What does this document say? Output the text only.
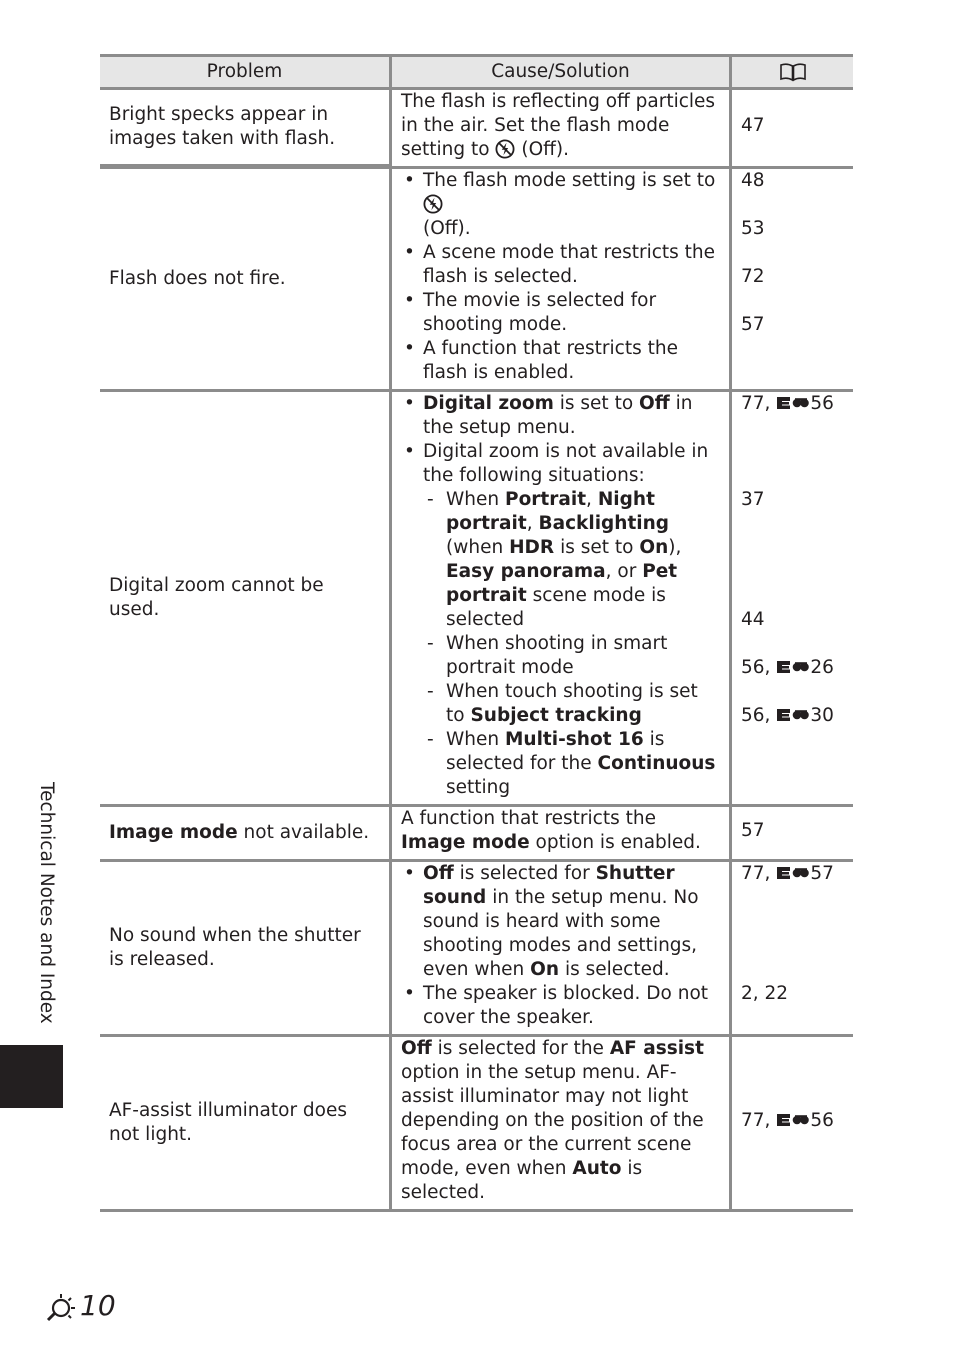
Problem	Cause/Solution
Bright specks appear in images taken with flash.
The flash is reflecting off particles in the air. Set the flash mode setting to (Off).
47
Flash does not fire.
• The flash mode setting is set to
(Off).
• A scene mode that restricts the flash is selected.
• The movie is selected for shooting mode.
• A function that restricts the flash is enabled.
48
53
72
57
Digital zoom cannot be used.
• Digital zoom is set to Off in the setup menu.
• Digital zoom is not available in the following situations:
- When Portrait, Night portrait, Backlighting (when HDR is set to On), Easy panorama, or Pet portrait scene mode is selected
- When shooting in smart portrait mode
- When touch shooting is set to Subject tracking
- When Multi-shot 16 is selected for the Continuous setting
77, 56
37
44
56, 26
56, 30
Image mode not available.
A function that restricts the Image mode option is enabled.
57
No sound when the shutter is released.
• Off is selected for Shutter sound in the setup menu. No sound is heard with some shooting modes and settings, even when On is selected.
• The speaker is blocked. Do not cover the speaker.
77, 57
2, 22
AF-assist illuminator does not light.
Off is selected for the AF assist option in the setup menu. AF-assist illuminator may not light depending on the position of the focus area or the current scene mode, even when Auto is selected.
77, 56
Technical Notes and Index
10
